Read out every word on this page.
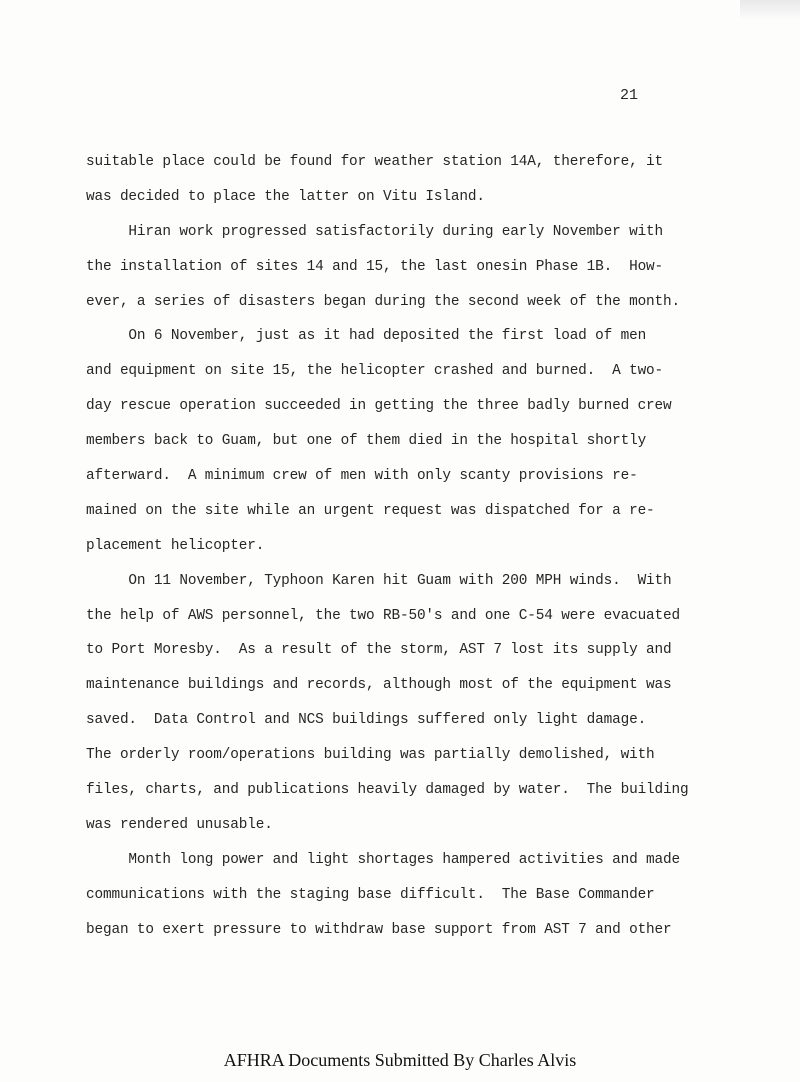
21
suitable place could be found for weather station 14A, therefore, it
was decided to place the latter on Vitu Island.
Hiran work progressed satisfactorily during early November with
the installation of sites 14 and 15, the last onesin Phase 1B.  How-
ever, a series of disasters began during the second week of the month.
On 6 November, just as it had deposited the first load of men
and equipment on site 15, the helicopter crashed and burned.  A two-
day rescue operation succeeded in getting the three badly burned crew
members back to Guam, but one of them died in the hospital shortly
afterward.  A minimum crew of men with only scanty provisions re-
mained on the site while an urgent request was dispatched for a re-
placement helicopter.
On 11 November, Typhoon Karen hit Guam with 200 MPH winds.  With
the help of AWS personnel, the two RB-50's and one C-54 were evacuated
to Port Moresby.  As a result of the storm, AST 7 lost its supply and
maintenance buildings and records, although most of the equipment was
saved.  Data Control and NCS buildings suffered only light damage.
The orderly room/operations building was partially demolished, with
files, charts, and publications heavily damaged by water.  The building
was rendered unusable.
Month long power and light shortages hampered activities and made
communications with the staging base difficult.  The Base Commander
began to exert pressure to withdraw base support from AST 7 and other
AFHRA Documents Submitted By Charles Alvis
